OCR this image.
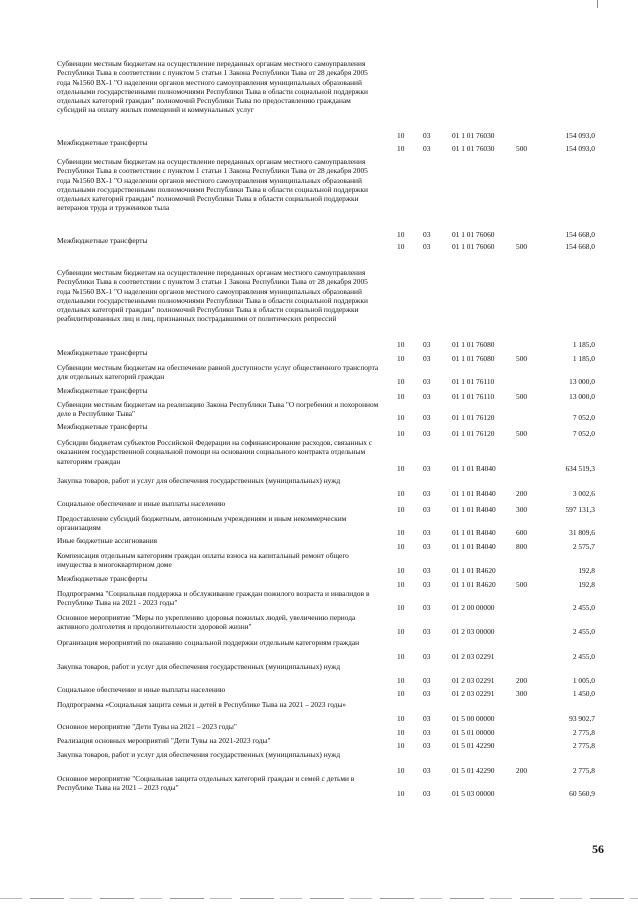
Субвенции местным бюджетам на осуществление переданных органам местного самоуправления Республики Тыва в соответствии с пунктом 5 статьи 1 Закона Республики Тыва от 28 декабря 2005 года №1560 ВХ-1 "О наделении органов местного самоуправления муниципальных образований отдельными государственными полномочиями Республики Тыва в области социальной поддержки отдельных категорий граждан" полномочий Республики Тыва по предоставлению гражданам субсидий на оплату жилых помещений и коммунальных услуг
10	03	01 1 01 76030	154 093,0
Межбюджетные трансферты
10	03	01 1 01 76030	500	154 093,0
Субвенции местным бюджетам на осуществление переданных органам местного самоуправления Республики Тыва в соответствии с пунктом 1 статьи 1 Закона Республики Тыва от 28 декабря 2005 года №1560 ВХ-1 "О наделении органов местного самоуправления муниципальных образований отдельными государственными полномочиями Республики Тыва в области социальной поддержки отдельных категорий граждан" полномочий Республики Тыва в области социальной поддержки ветеранов труда и тружеников тыла
10	03	01 1 01 76060	154 668,0
Межбюджетные трансферты
10	03	01 1 01 76060	500	154 668,0
Субвенции местным бюджетам на осуществление переданных органам местного самоуправления Республики Тыва в соответствии с пунктом 3 статьи 1 Закона Республики Тыва от 28 декабря 2005 года №1560 ВХ-1 "О наделении органов местного самоуправления муниципальных образований отдельными государственными полномочиями Республики Тыва в области социальной поддержки отдельных категорий граждан" полномочий Республики Тыва в области социальной поддержки реабилитированных лиц и лиц, признанных пострадавшими от политических репрессий
10	03	01 1 01 76080	1 185,0
Межбюджетные трансферты
10	03	01 1 01 76080	500	1 185,0
Субвенции местным бюджетам на обеспечение равной доступности услуг общественного транспорта для отдельных категорий граждан
10	03	01 1 01 76110	13 000,0
Межбюджетные трансферты
10	03	01 1 01 76110	500	13 000,0
Субвенции местным бюджетам на реализацию Закона Республики Тыва "О погребении и похоронном деле в Республике Тыва"	10	03	01 1 01 76120	7 052,0
Межбюджетные трансферты
10	03	01 1 01 76120	500	7 052,0
Субсидии бюджетам субъектов Российской Федерации на софинансирование расходов, связанных с оказанием государственной социальной помощи на основании социального контракта отдельным категориям граждан
10	03	01 1 01 R4040	634 519,3
Закупка товаров, работ и услуг для обеспечения государственных (муниципальных) нужд
10	03	01 1 01 R4040	200	3 002,6
Социальное обеспечение и иные выплаты населению
10	03	01 1 01 R4040	300	597 131,3
Предоставление субсидий бюджетным, автономным учреждениям и иным некоммерческим организациям
10	03	01 1 01 R4040	600	31 809,6
Иные бюджетные ассигнования
10	03	01 1 01 R4040	800	2 575,7
Компенсация отдельным категориям граждан оплаты взноса на капитальный ремонт общего имущества в многоквартирном доме
10	03	01 1 01 R4620	192,8
Межбюджетные трансферты
10	03	01 1 01 R4620	500	192,8
Подпрограмма "Социальная поддержка и обслуживание граждан пожилого возраста и инвалидов в Республике Тыва на 2021 - 2023 годы"
10	03	01 2 00 00000	2 455,0
Основное мероприятие "Меры по укреплению здоровья пожилых людей, увеличению периода активного долголетия и продолжительности здоровой жизни"
10	03	01 2 03 00000	2 455,0
Организация мероприятий по оказанию социальной поддержки отдельным категориям граждан
10	03	01 2 03 02291	2 455,0
Закупка товаров, работ и услуг для обеспечения государственных (муниципальных) нужд
10	03	01 2 03 02291	200	1 005,0
Социальное обеспечение и иные выплаты населению	10	03	01 2 03 02291	300	1 450,0
Подпрограмма «Социальная защита семьи и детей в Республике Тыва на 2021 – 2023 годы»
10	03	01 5 00 00000	93 902,7
Основное мероприятие "Дети Тувы на 2021 – 2023 годы"
10	03	01 5 01 00000	2 775,8
Реализация основных мероприятий "Дети Тувы на 2021-2023 годы"
10	03	01 5 01 42290	2 775,8
Закупка товаров, работ и услуг для обеспечения государственных (муниципальных) нужд
10	03	01 5 01 42290	200	2 775,8
Основное мероприятие "Социальная защита отдельных категорий граждан и семей с детьми в Республике Тыва на 2021 – 2023 годы"
10	03	01 5 03 00000	60 560,9
56
